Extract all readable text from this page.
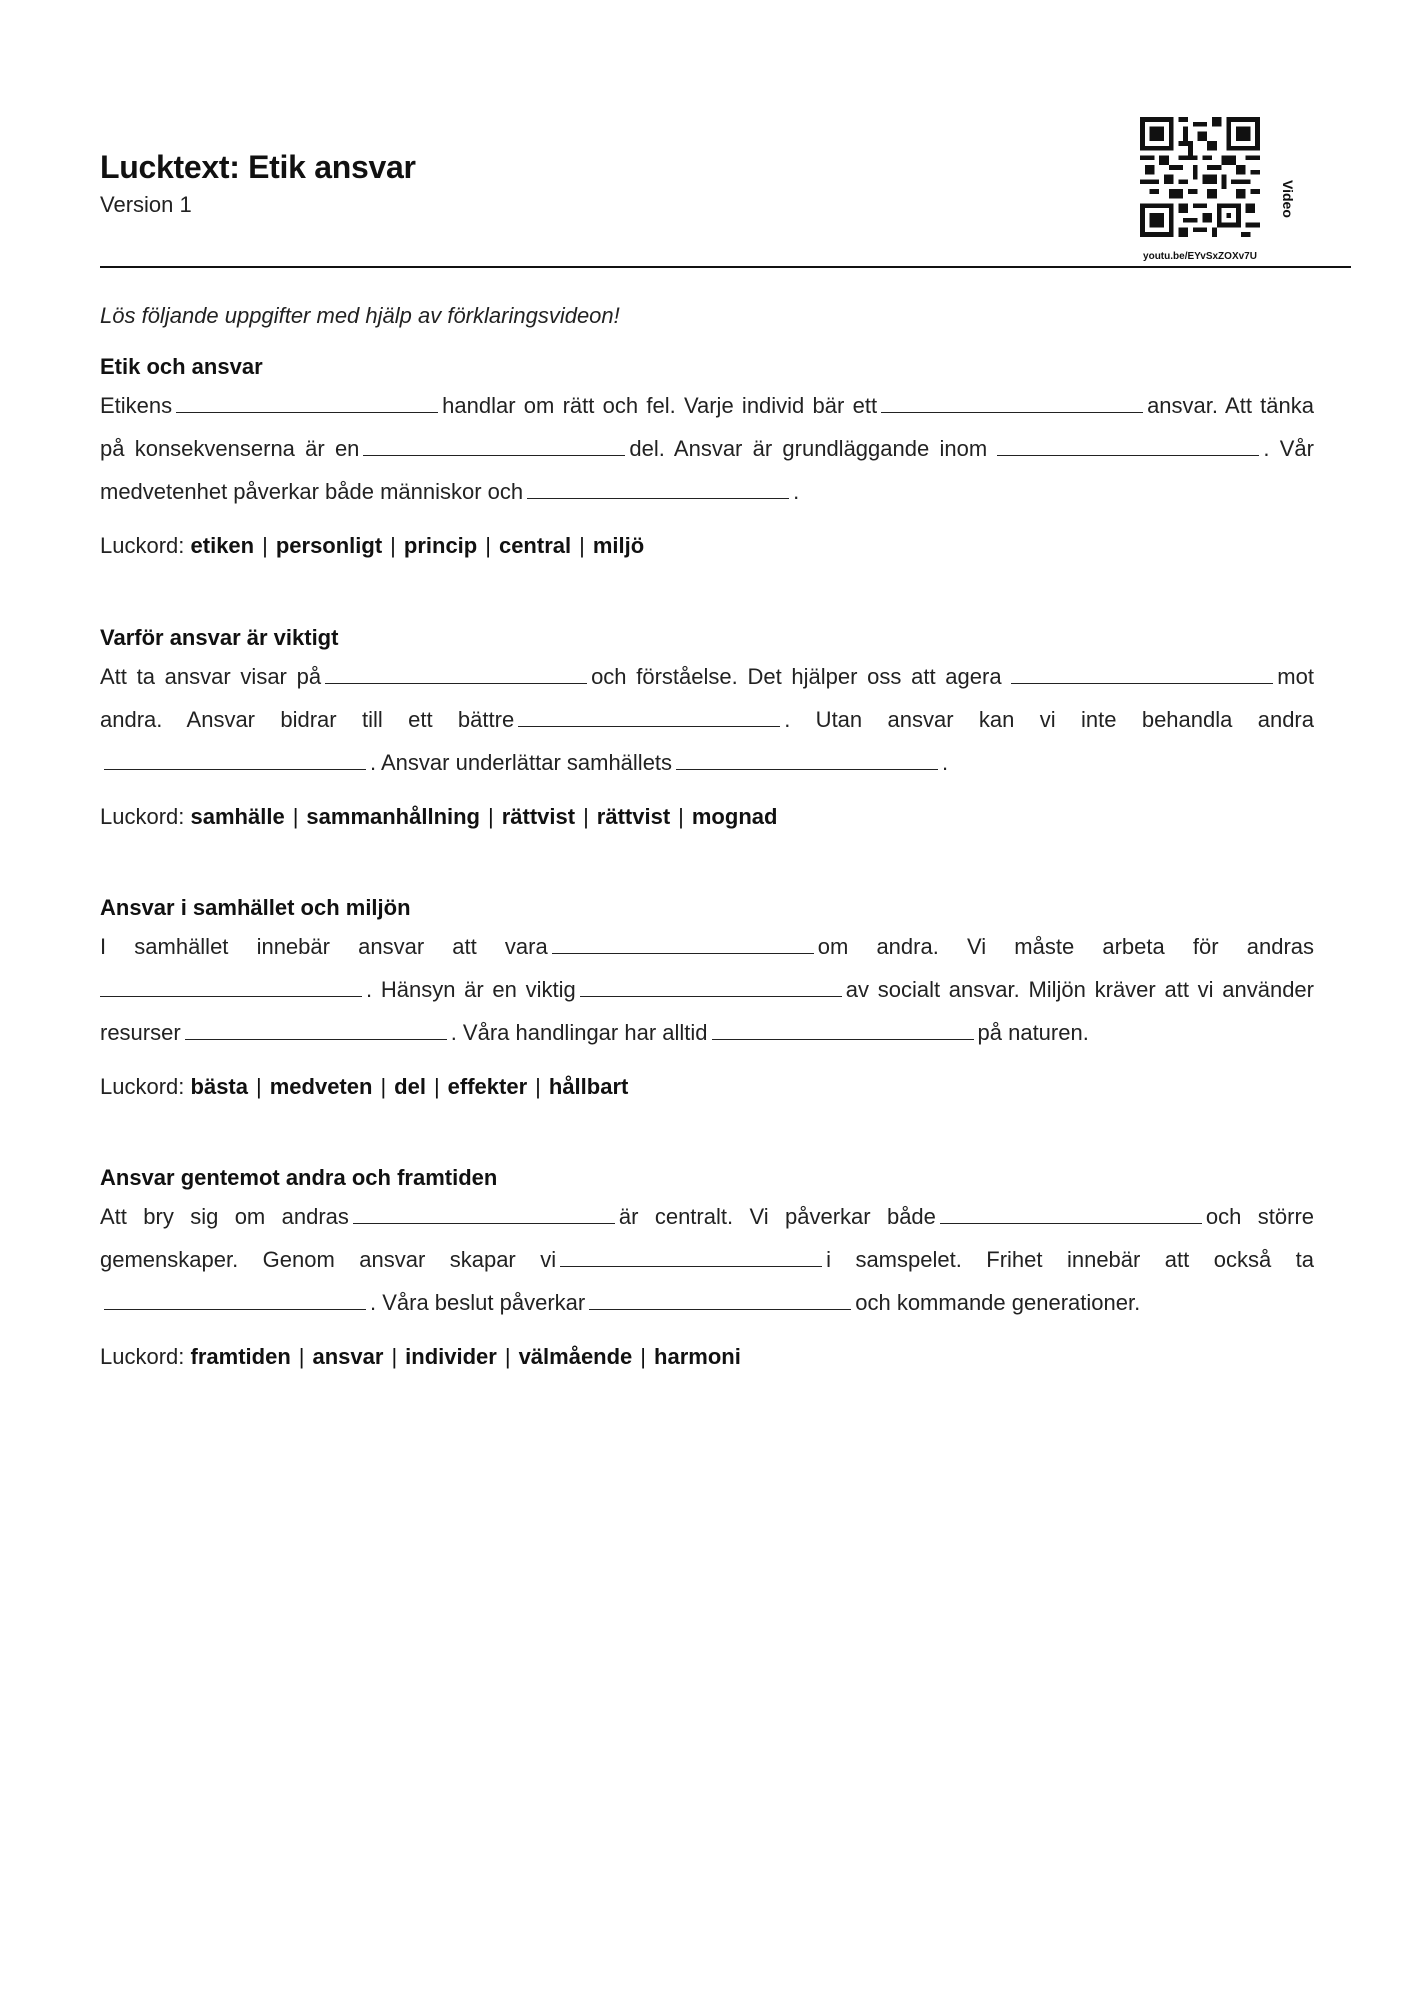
Lucktext: Etik ansvar
Version 1
youtu.be/EYvSxZOXv7U
Video
Lös följande uppgifter med hjälp av förklaringsvideon!
Etik och ansvar
Etikens	handlar om rätt och fel. Varje individ bär ett	ansvar. Att tänka på konsekvenserna är en	del. Ansvar är grundläggande inom	. Vår medvetenhet påverkar både människor och	.
Luckord: etiken | personligt | princip | central | miljö
Varför ansvar är viktigt
Att ta ansvar visar på	och förståelse. Det hjälper oss att agera	mot andra. Ansvar bidrar till ett bättre	. Utan ansvar kan vi inte behandla andra. Ansvar underlättar samhällets	.
Luckord: samhälle | sammanhållning | rättvist | rättvist | mognad
Ansvar i samhället och miljön
I samhället innebär ansvar att vara	om andra. Vi måste arbeta för andras . Hänsyn är en viktig	av socialt ansvar. Miljön kräver att vi använder resurser	. Våra handlingar har alltid	på naturen.
Luckord: bästa | medveten | del | effekter | hållbart
Ansvar gentemot andra och framtiden
Att bry sig om andras	är centralt. Vi påverkar både	och större gemenskaper. Genom ansvar skapar vi	i samspelet. Frihet innebär att också ta . Våra beslut påverkar	och kommande generationer.
Luckord: framtiden | ansvar | individer | välmående | harmoni
